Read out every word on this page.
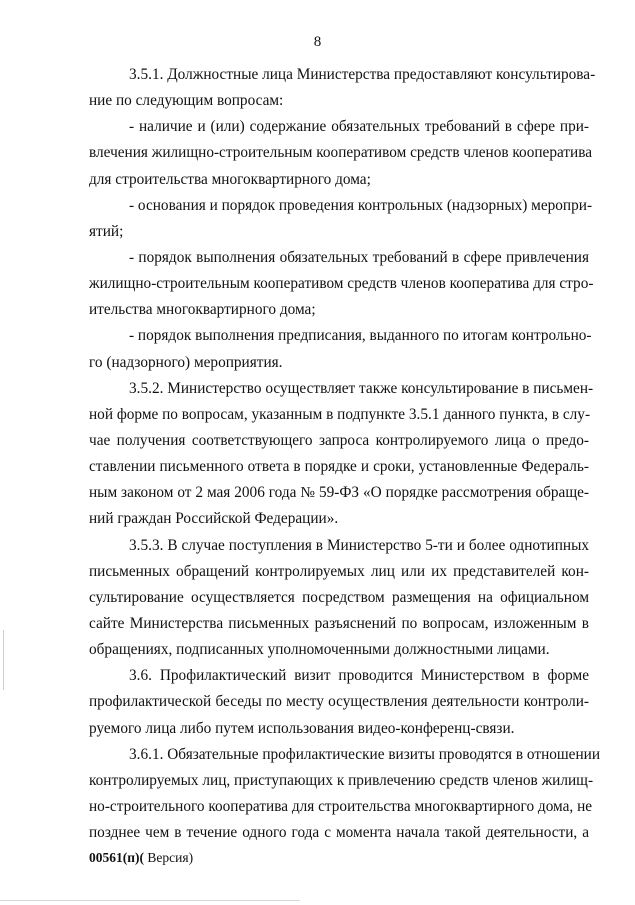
8
3.5.1. Должностные лица Министерства предоставляют консультирова-
ние по следующим вопросам:
- наличие и (или) содержание обязательных требований в сфере при-
влечения жилищно-строительным кооперативом средств членов кооператива
для строительства многоквартирного дома;
- основания и порядок проведения контрольных (надзорных) меропри-
ятий;
- порядок выполнения обязательных требований в сфере привлечения
жилищно-строительным кооперативом средств членов кооператива для стро-
ительства многоквартирного дома;
- порядок выполнения предписания, выданного по итогам контрольно-
го (надзорного) мероприятия.
3.5.2. Министерство осуществляет также консультирование в письмен-
ной форме по вопросам, указанным в подпункте 3.5.1 данного пункта, в слу-
чае получения соответствующего запроса контролируемого лица о предо-
ставлении письменного ответа в порядке и сроки, установленные Федераль-
ным законом от 2 мая 2006 года № 59-ФЗ «О порядке рассмотрения обраще-
ний граждан Российской Федерации».
3.5.3. В случае поступления в Министерство 5-ти и более однотипных
письменных обращений контролируемых лиц или их представителей кон-
сультирование осуществляется посредством размещения на официальном
сайте Министерства письменных разъяснений по вопросам, изложенным в
обращениях, подписанных уполномоченными должностными лицами.
3.6. Профилактический визит проводится Министерством в форме
профилактической беседы по месту осуществления деятельности контроли-
руемого лица либо путем использования видео-конференц-связи.
3.6.1. Обязательные профилактические визиты проводятся в отношении
контролируемых лиц, приступающих к привлечению средств членов жилищ-
но-строительного кооператива для строительства многоквартирного дома, не
позднее чем в течение одного года с момента начала такой деятельности, а
00561(п)( Версия)
